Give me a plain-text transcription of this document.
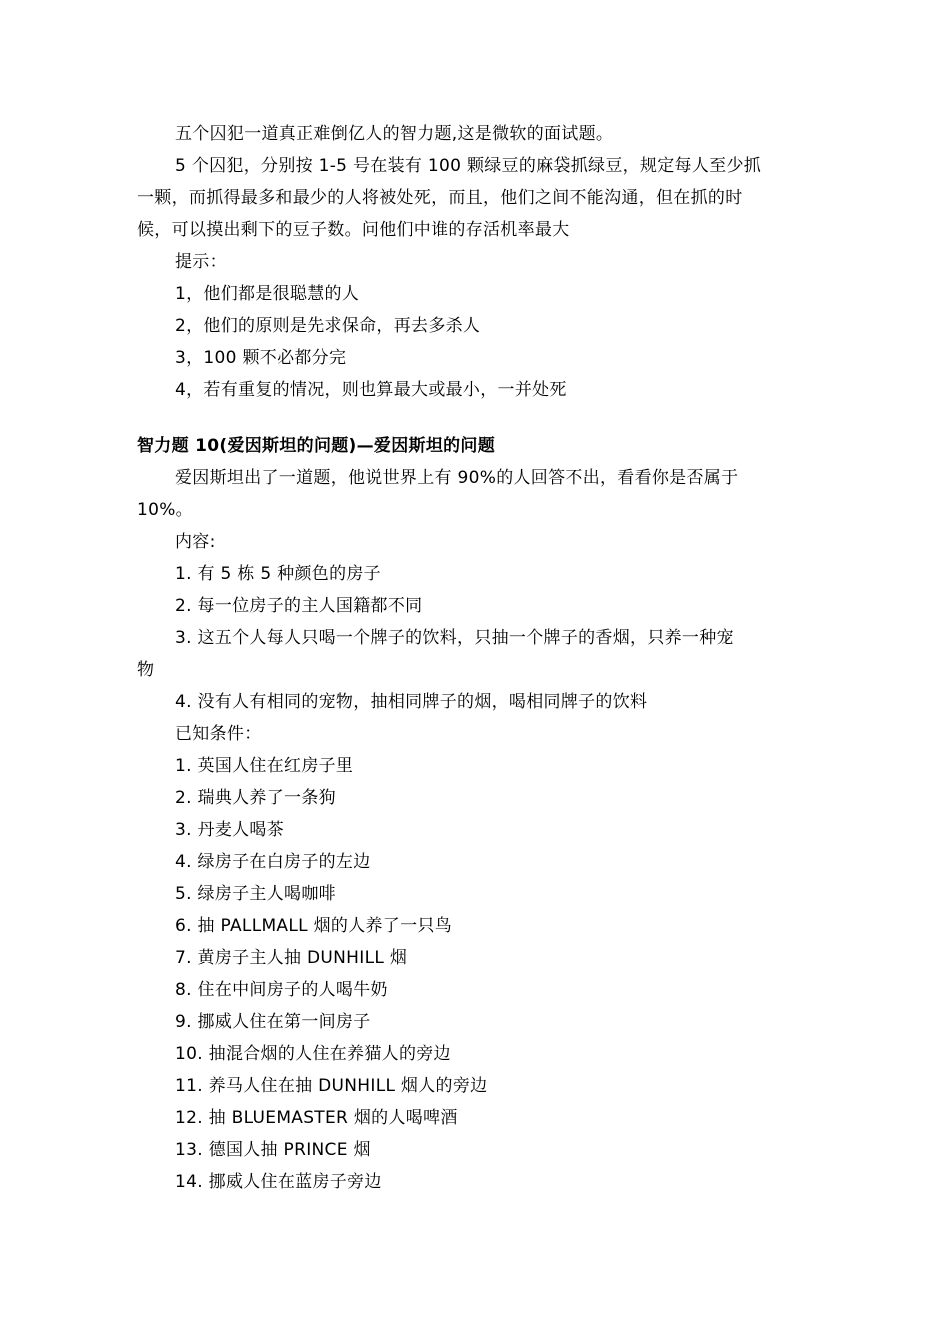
五个囚犯一道真正难倒亿人的智力题,这是微软的面试题。
5 个囚犯，分别按 1-5 号在装有 100 颗绿豆的麻袋抓绿豆，规定每人至少抓
一颗，而抓得最多和最少的人将被处死，而且，他们之间不能沟通，但在抓的时
候，可以摸出剩下的豆子数。问他们中谁的存活机率最大
提示：
1，他们都是很聪慧的人
2，他们的原则是先求保命，再去多杀人
3，100 颗不必都分完
4，若有重复的情况，则也算最大或最小，一并处死
智力题 10(爱因斯坦的问题)—爱因斯坦的问题
爱因斯坦出了一道题，他说世界上有 90%的人回答不出，看看你是否属于
10%。
内容:
1. 有 5 栋 5 种颜色的房子
2. 每一位房子的主人国籍都不同
3. 这五个人每人只喝一个牌子的饮料，只抽一个牌子的香烟，只养一种宠
物
4. 没有人有相同的宠物，抽相同牌子的烟，喝相同牌子的饮料
已知条件：
1. 英国人住在红房子里
2. 瑞典人养了一条狗
3. 丹麦人喝茶
4. 绿房子在白房子的左边
5. 绿房子主人喝咖啡
6. 抽 PALLMALL 烟的人养了一只鸟
7. 黄房子主人抽 DUNHILL 烟
8. 住在中间房子的人喝牛奶
9. 挪威人住在第一间房子
10. 抽混合烟的人住在养猫人的旁边
11. 养马人住在抽 DUNHILL 烟人的旁边
12. 抽 BLUEMASTER 烟的人喝啤酒
13. 德国人抽 PRINCE 烟
14. 挪威人住在蓝房子旁边
